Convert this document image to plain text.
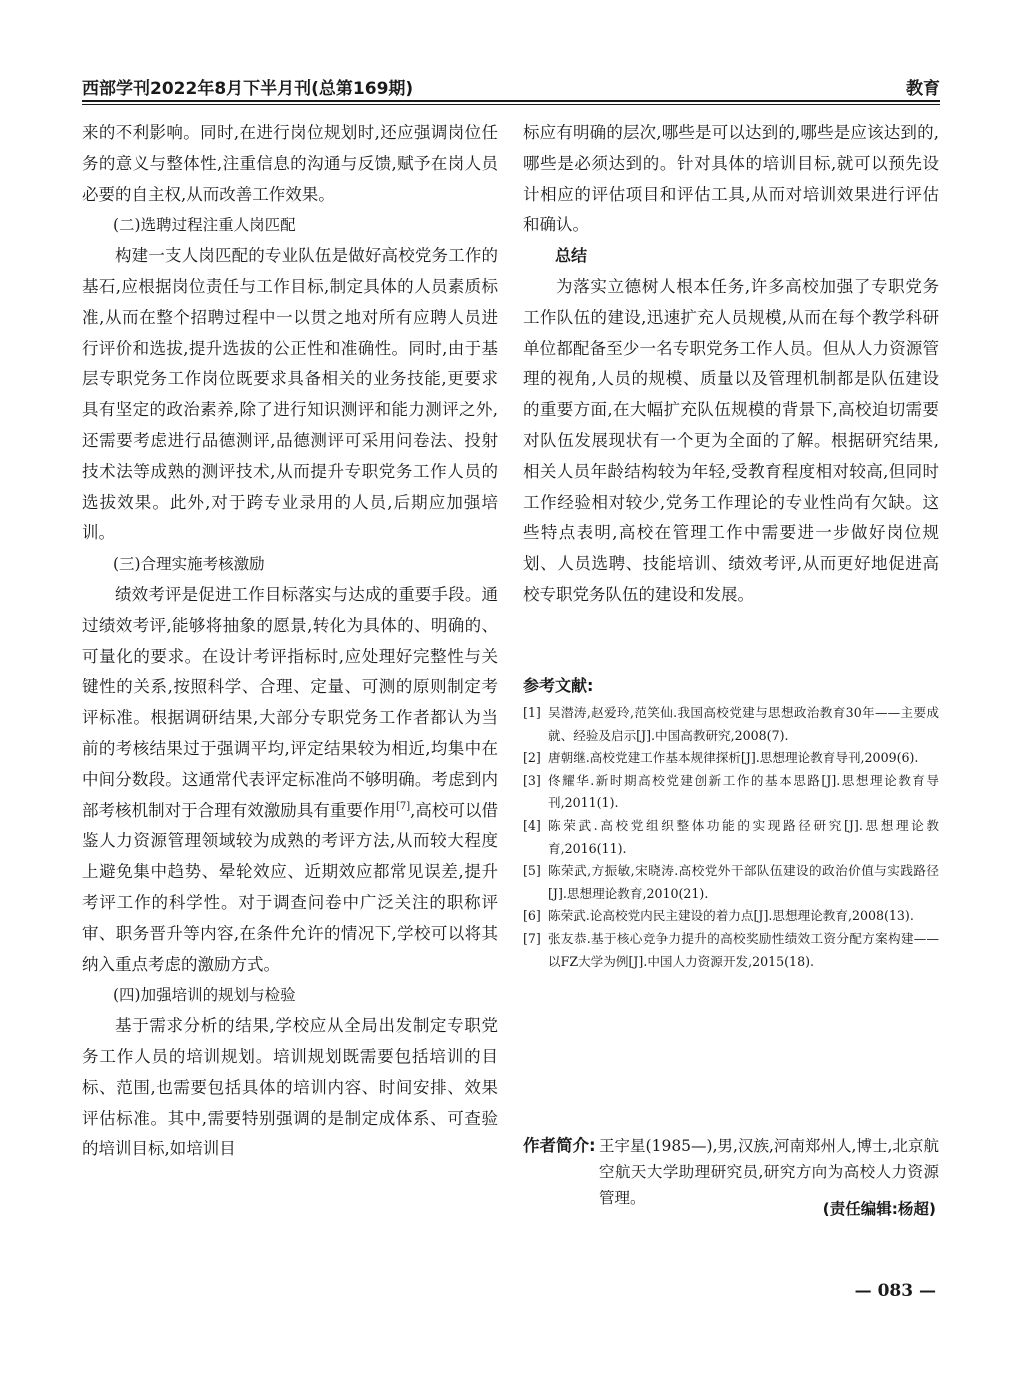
西部学刊2022年8月下半月刊(总第169期)	教育

来的不利影响。同时,在进行岗位规划时,还应强调岗位任务的意义与整体性,注重信息的沟通与反馈,赋予在岗人员必要的自主权,从而改善工作效果。

(二)选聘过程注重人岗匹配

构建一支人岗匹配的专业队伍是做好高校党务工作的基石,应根据岗位责任与工作目标,制定具体的人员素质标准,从而在整个招聘过程中一以贯之地对所有应聘人员进行评价和选拔,提升选拔的公正性和准确性。同时,由于基层专职党务工作岗位既要求具备相关的业务技能,更要求具有坚定的政治素养,除了进行知识测评和能力测评之外,还需要考虑进行品德测评,品德测评可采用问卷法、投射技术法等成熟的测评技术,从而提升专职党务工作人员的选拔效果。此外,对于跨专业录用的人员,后期应加强培训。

(三)合理实施考核激励

绩效考评是促进工作目标落实与达成的重要手段。通过绩效考评,能够将抽象的愿景,转化为具体的、明确的、可量化的要求。在设计考评指标时,应处理好完整性与关键性的关系,按照科学、合理、定量、可测的原则制定考评标准。根据调研结果,大部分专职党务工作者都认为当前的考核结果过于强调平均,评定结果较为相近,均集中在中间分数段。这通常代表评定标准尚不够明确。考虑到内部考核机制对于合理有效激励具有重要作用[7],高校可以借鉴人力资源管理领域较为成熟的考评方法,从而较大程度上避免集中趋势、晕轮效应、近期效应都常见误差,提升考评工作的科学性。对于调查问卷中广泛关注的职称评审、职务晋升等内容,在条件允许的情况下,学校可以将其纳入重点考虑的激励方式。

(四)加强培训的规划与检验

基于需求分析的结果,学校应从全局出发制定专职党务工作人员的培训规划。培训规划既需要包括培训的目标、范围,也需要包括具体的培训内容、时间安排、效果评估标准。其中,需要特别强调的是制定成体系、可查验的培训目标,如培训目

标应有明确的层次,哪些是可以达到的,哪些是应该达到的,哪些是必须达到的。针对具体的培训目标,就可以预先设计相应的评估项目和评估工具,从而对培训效果进行评估和确认。

总结

为落实立德树人根本任务,许多高校加强了专职党务工作队伍的建设,迅速扩充人员规模,从而在每个教学科研单位都配备至少一名专职党务工作人员。但从人力资源管理的视角,人员的规模、质量以及管理机制都是队伍建设的重要方面,在大幅扩充队伍规模的背景下,高校迫切需要对队伍发展现状有一个更为全面的了解。根据研究结果,相关人员年龄结构较为年轻,受教育程度相对较高,但同时工作经验相对较少,党务工作理论的专业性尚有欠缺。这些特点表明,高校在管理工作中需要进一步做好岗位规划、人员选聘、技能培训、绩效考评,从而更好地促进高校专职党务队伍的建设和发展。

参考文献:
[1] 吴潜涛,赵爱玲,范笑仙.我国高校党建与思想政治教育30年——主要成就、经验及启示[J].中国高教研究,2008(7).
[2] 唐朝继.高校党建工作基本规律探析[J].思想理论教育导刊,2009(6).
[3] 佟耀华.新时期高校党建创新工作的基本思路[J].思想理论教育导刊,2011(1).
[4] 陈荣武.高校党组织整体功能的实现路径研究[J].思想理论教育,2016(11).
[5] 陈荣武,方振敏,宋晓涛.高校党外干部队伍建设的政治价值与实践路径[J].思想理论教育,2010(21).
[6] 陈荣武.论高校党内民主建设的着力点[J].思想理论教育,2008(13).
[7] 张友恭.基于核心竞争力提升的高校奖励性绩效工资分配方案构建——以FZ大学为例[J].中国人力资源开发,2015(18).
作者简介: 王宇星(1985—),男,汉族,河南郑州人,博士,北京航空航天大学助理研究员,研究方向为高校人力资源管理。
(责任编辑:杨超)
— 083 —
